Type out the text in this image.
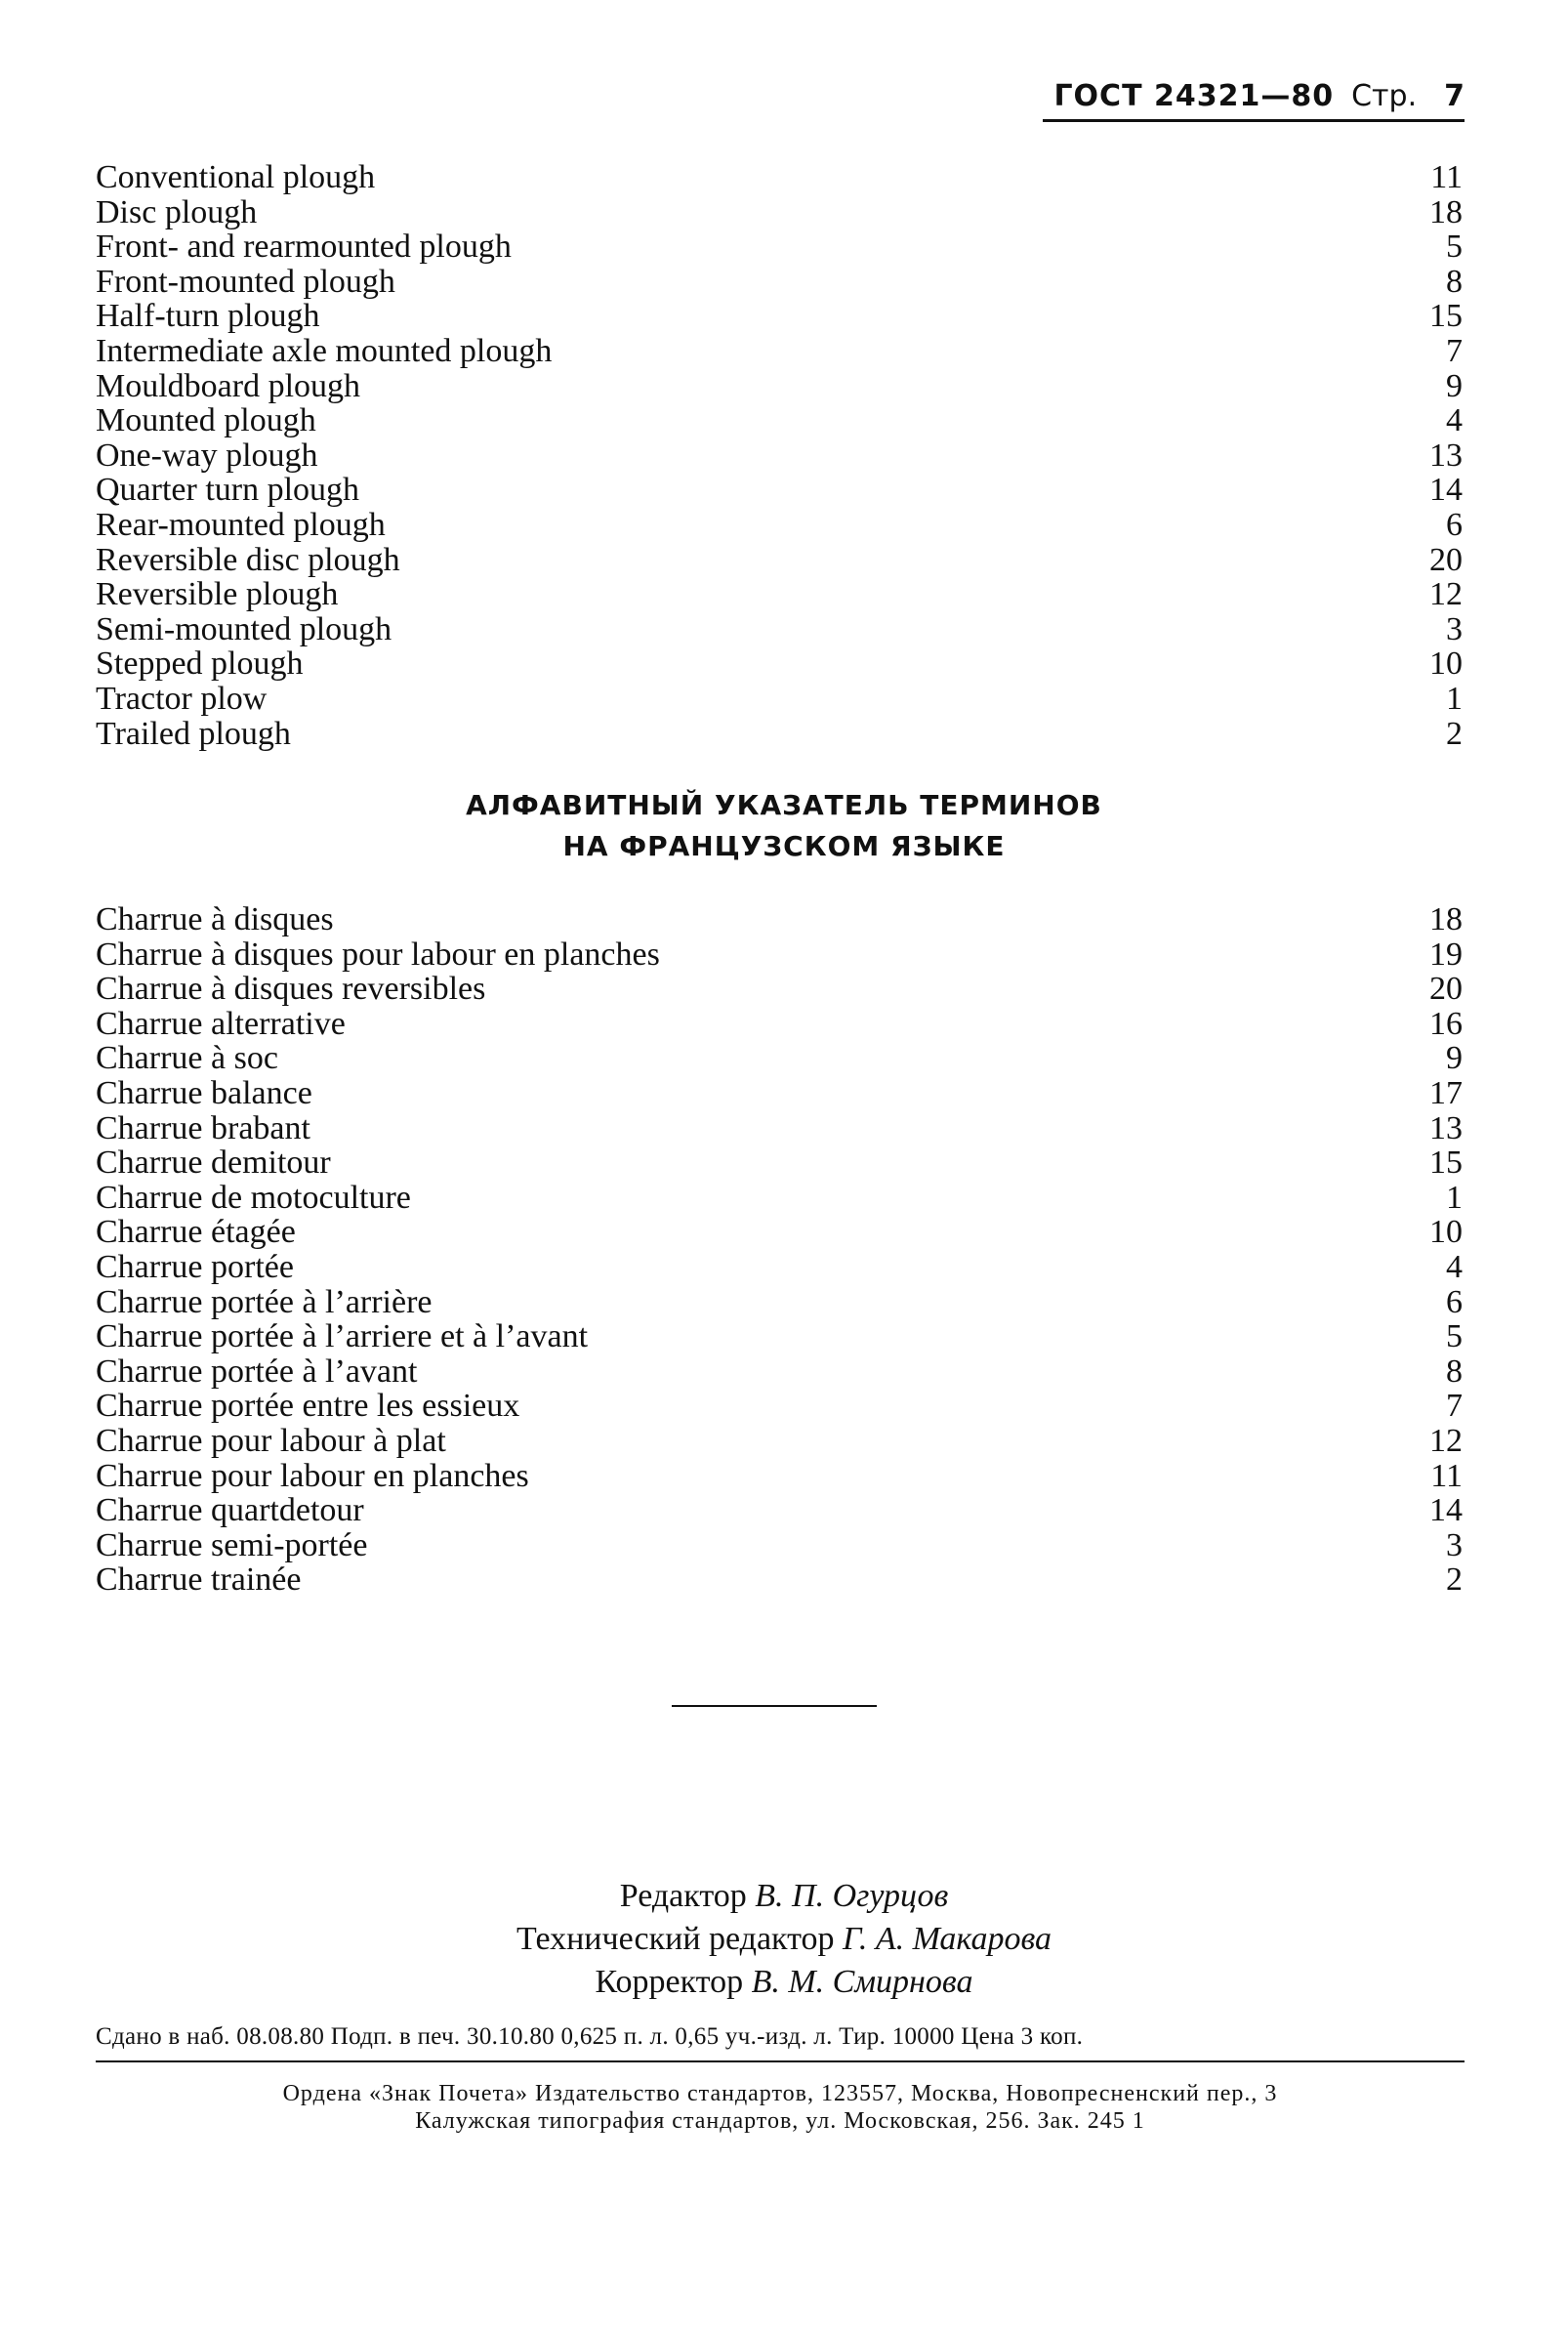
ГОСТ 24321—80 Стр. 7
Conventional plough	11
Disc plough	18
Front- and rearmounted plough	5
Front-mounted plough	8
Half-turn plough	15
Intermediate axle mounted plough	7
Mouldboard plough	9
Mounted plough	4
One-way plough	13
Quarter turn plough	14
Rear-mounted plough	6
Reversible disc plough	20
Reversible plough	12
Semi-mounted plough	3
Stepped plough	10
Tractor plow	1
Trailed plough	2
АЛФАВИТНЫЙ УКАЗАТЕЛЬ ТЕРМИНОВ
НА ФРАНЦУЗСКОМ ЯЗЫКЕ
Charrue à disques	18
Charrue à disques pour labour en planches	19
Charrue à disques reversibles	20
Charrue alterrative	16
Charrue à soc	9
Charrue balance	17
Charrue brabant	13
Charrue demitour	15
Charrue de motoculture	1
Charrue étagée	10
Charrue portée	4
Charrue portée à l’arrière	6
Charrue portée à l’arriere et à l’avant	5
Charrue portée à l’avant	8
Charrue portée entre les essieux	7
Charrue pour labour à plat	12
Charrue pour labour en planches	11
Charrue quartdetour	14
Charrue semi-portée	3
Charrue trainée	2
Редактор В. П. Огурцов
Технический редактор Г. А. Макарова
Корректор В. М. Смирнова
Сдано в наб. 08.08.80 Подп. в печ. 30.10.80 0,625 п. л. 0,65 уч.-изд. л. Тир. 10000 Цена 3 коп.
Ордена «Знак Почета» Издательство стандартов, 123557, Москва, Новопресненский пер., 3
Калужская типография стандартов, ул. Московская, 256. Зак. 245 1
